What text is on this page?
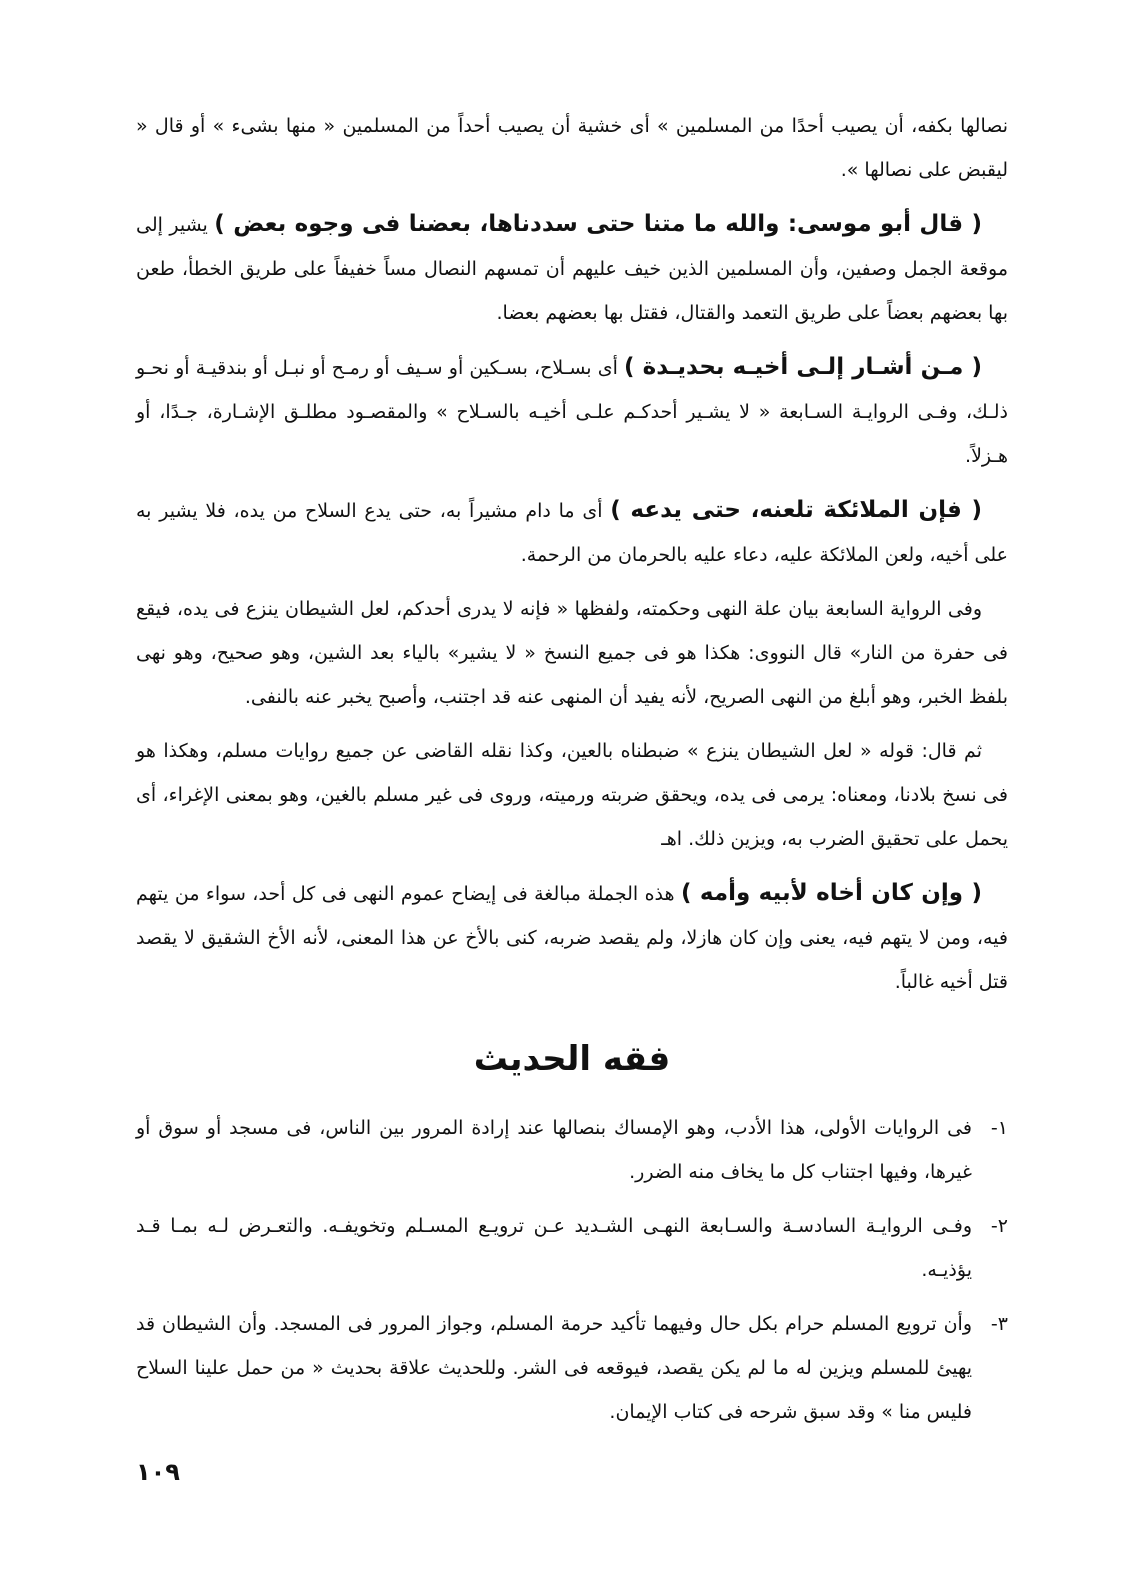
نصالها بكفه، أن يصيب أحدًا من المسلمين » أى خشية أن يصيب أحداً من المسلمين « منها بشىء » أو قال « ليقبض على نصالها ».

( قال أبو موسى: والله ما متنا حتى سددناها، بعضنا فى وجوه بعض ) يشير إلى موقعة الجمل وصفين، وأن المسلمين الذين خيف عليهم أن تمسهم النصال مساً خفيفاً على طريق الخطأ، طعن بها بعضهم بعضاً على طريق التعمد والقتال، فقتل بها بعضهم بعضا.

( مـن أشـار إلـى أخيـه بحديـدة ) أى بسـلاح، بسـكين أو سـيف أو رمـح أو نبـل أو بندقيـة أو نحـو ذلـك، وفـى الروايـة السـابعة « لا يشـير أحدكـم علـى أخيـه بالسـلاح » والمقصـود مطلـق الإشـارة، جـدًا، أو هـزلاً.

( فإن الملائكة تلعنه، حتى يدعه ) أى ما دام مشيراً به، حتى يدع السلاح من يده، فلا يشير به على أخيه، ولعن الملائكة عليه، دعاء عليه بالحرمان من الرحمة.

وفى الرواية السابعة بيان علة النهى وحكمته، ولفظها « فإنه لا يدرى أحدكم، لعل الشيطان ينزع فى يده، فيقع فى حفرة من النار» قال النووى: هكذا هو فى جميع النسخ « لا يشير» بالياء بعد الشين، وهو صحيح، وهو نهى بلفظ الخبر، وهو أبلغ من النهى الصريح، لأنه يفيد أن المنهى عنه قد اجتنب، وأصبح يخبر عنه بالنفى.

ثم قال: قوله « لعل الشيطان ينزع » ضبطناه بالعين، وكذا نقله القاضى عن جميع روايات مسلم، وهكذا هو فى نسخ بلادنا، ومعناه: يرمى فى يده، ويحقق ضربته ورميته، وروى فى غير مسلم بالغين، وهو بمعنى الإغراء، أى يحمل على تحقيق الضرب به، ويزين ذلك. اهـ

( وإن كان أخاه لأبيه وأمه ) هذه الجملة مبالغة فى إيضاح عموم النهى فى كل أحد، سواء من يتهم فيه، ومن لا يتهم فيه، يعنى وإن كان هازلا، ولم يقصد ضربه، كنى بالأخ عن هذا المعنى، لأنه الأخ الشقيق لا يقصد قتل أخيه غالباً.

فقه الحديث
١-
فى الروايات الأولى، هذا الأدب، وهو الإمساك بنصالها عند إرادة المرور بين الناس، فى مسجد أو سوق أو غيرها، وفيها اجتناب كل ما يخاف منه الضرر.
٢-
وفـى الروايـة السادسـة والسـابعة النهـى الشـديد عـن ترويـع المسـلم وتخويفـه. والتعـرض لـه بمـا قـد يؤذيـه.
٣-
وأن ترويع المسلم حرام بكل حال وفيهما تأكيد حرمة المسلم، وجواز المرور فى المسجد. وأن الشيطان قد يهيئ للمسلم ويزين له ما لم يكن يقصد، فيوقعه فى الشر. وللحديث علاقة بحديث « من حمل علينا السلاح فليس منا » وقد سبق شرحه فى كتاب الإيمان.
١٠٩
